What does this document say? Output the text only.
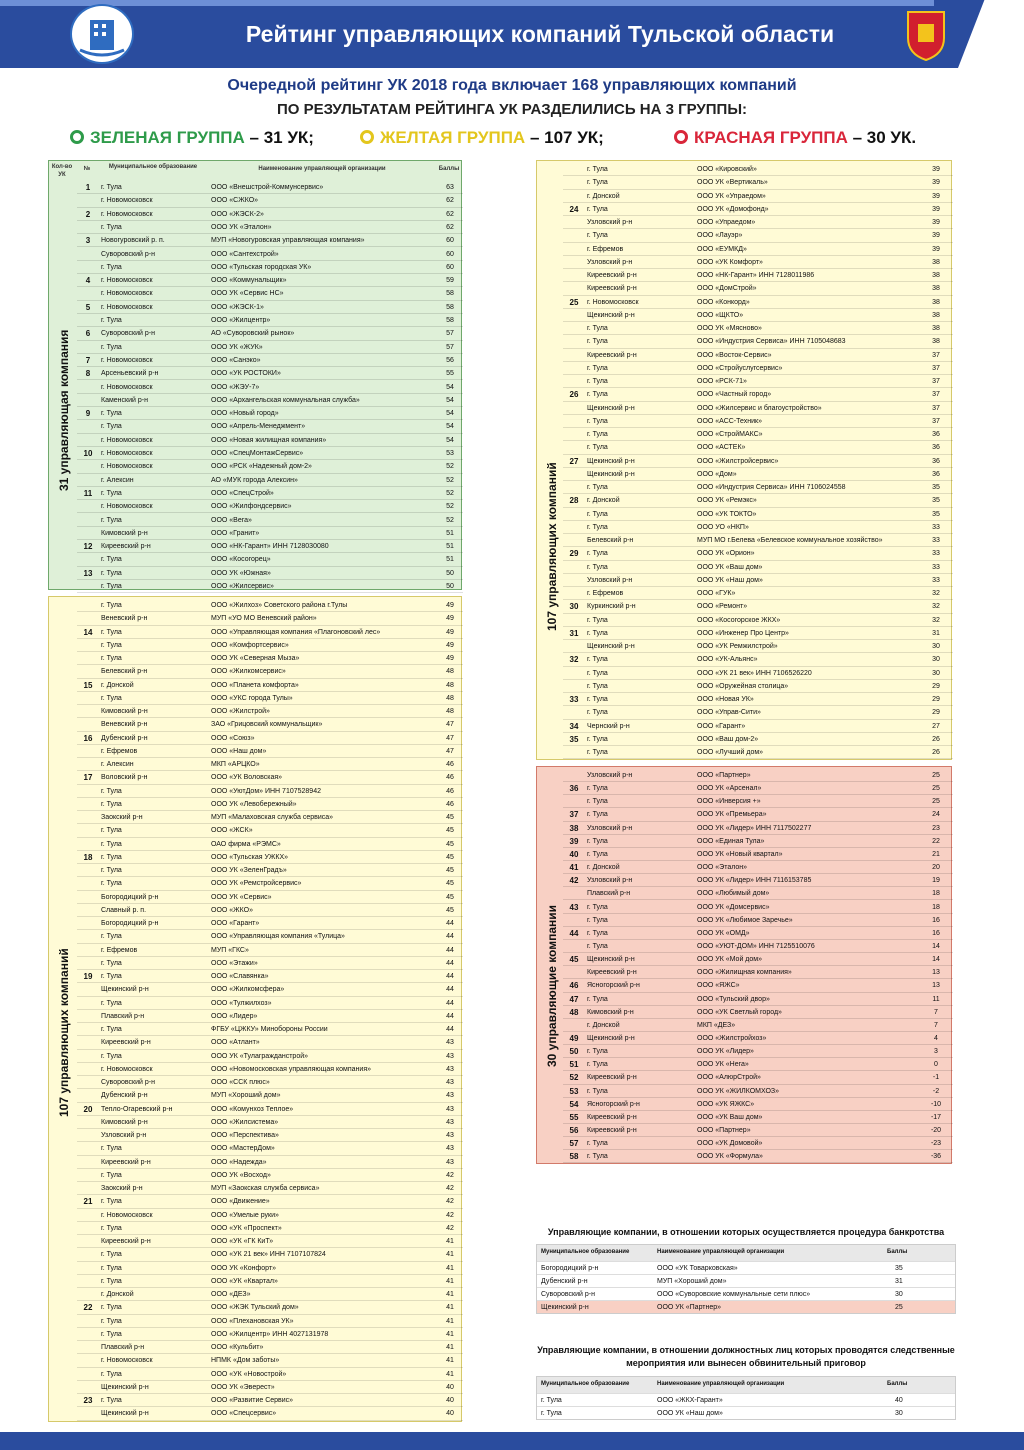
Рейтинг управляющих компаний Тульской области
Очередной рейтинг УК 2018 года включает 168 управляющих компаний
ПО РЕЗУЛЬТАТАМ РЕЙТИНГА УК РАЗДЕЛИЛИСЬ НА 3 ГРУППЫ:
ЗЕЛЕНАЯ ГРУППА – 31 УК;	ЖЕЛТАЯ ГРУППА – 107 УК;	КРАСНАЯ ГРУППА – 30 УК.
Кол-во УК
№	Муниципальное образование	Наименование управляющей организации	Баллы
31 управляющая компания
1	г. Тула	ООО «Внешстрой-Коммунсервис»	63
г. Новомосковск	ООО «СЖКО»	62
2	г. Новомосковск	ООО «ЖЭСК-2»	62
г. Тула	ООО УК «Эталон»	62
3	Новогуровский р. п.	МУП «Новогуровская управляющая компания»	60
Суворовский р-н	ООО «Сантехстрой»	60
г. Тула	ООО «Тульская городская УК»	60
4	г. Новомосковск	ООО «Коммунальщик»	59
г. Новомосковск	ООО УК «Сервис НС»	58
5	г. Новомосковск	ООО «ЖЭСК-1»	58
г. Тула	ООО «Жилцентр»	58
6	Суворовский р-н	АО «Суворовский рынок»	57
г. Тула	ООО УК «ЖУК»	57
7	г. Новомосковск	ООО «Санэко»	56
8	Арсеньевский р-н	ООО «УК РОСТОКИ»	55
г. Новомосковск	ООО «ЖЭУ-7»	54
Каменский р-н	ООО «Архангельская коммунальная служба»	54
9	г. Тула	ООО «Новый город»	54
г. Тула	ООО «Апрель-Менеджмент»	54
г. Новомосковск	ООО «Новая жилищная компания»	54
10	г. Новомосковск	ООО «СпецМонтажСервис»	53
г. Новомосковск	ООО «РСК «Надежный дом-2»	52
г. Алексин	АО «МУК города Алексин»	52
11	г. Тула	ООО «СпецСтрой»	52
г. Новомосковск	ООО «Жилфондсервис»	52
г. Тула	ООО «Вега»	52
Кимовский р-н	ООО «Гранит»	51
12	Киреевский р-н	ООО «НК-Гарант» ИНН 7128030080	51
г. Тула	ООО «Косогорец»	51
13	г. Тула	ООО УК «Южная»	50
г. Тула	ООО «Жилсервис»	50
107 управляющих компаний
г. Тула	ООО «Жилхоз» Советского района г.Тулы	49
Веневский р-н	МУП «УО МО Веневский район»	49
14	г. Тула	ООО «Управляющая компания «Плагоновский лес»	49
г. Тула	ООО «Комфортсервис»	49
г. Тула	ООО УК «Северная Мыза»	49
Белевский р-н	ООО «Жилкомсервис»	48
15	г. Донской	ООО «Планета комфорта»	48
г. Тула	ООО «УКС города Тулы»	48
Кимовский р-н	ООО «Жилстрой»	48
Веневский р-н	ЗАО «Грицовский коммунальщик»	47
16	Дубенский р-н	ООО «Союз»	47
г. Ефремов	ООО «Наш дом»	47
г. Алексин	МКП «АРЦКО»	46
17	Воловский р-н	ООО «УК Воловская»	46
г. Тула	ООО «УютДом» ИНН 7107528942	46
г. Тула	ООО УК «Левобережный»	46
Заокский р-н	МУП «Малаховская служба сервиса»	45
г. Тула	ООО «ЖСК»	45
г. Тула	ОАО фирма «РЭМС»	45
18	г. Тула	ООО «Тульская УЖКХ»	45
г. Тула	ООО УК «ЗеленГрадъ»	45
г. Тула	ООО УК «Ремстройсервис»	45
Богородицкий р-н	ООО УК «Сервис»	45
Славный р. п.	ООО «ЖКО»	45
Богородицкий р-н	ООО «Гарант»	44
г. Тула	ООО «Управляющая компания «Тулица»	44
г. Ефремов	МУП «ГКС»	44
г. Тула	ООО «Этажи»	44
19	г. Тула	ООО «Славянка»	44
Щекинский р-н	ООО «Жилкомсфера»	44
г. Тула	ООО «Тулжилхоз»	44
Плавский р-н	ООО «Лидер»	44
г. Тула	ФГБУ «ЦЖКУ» Минобороны России	44
Киреевский р-н	ООО «Атлант»	43
г. Тула	ООО УК «Тулагражданстрой»	43
г. Новомосковск	ООО «Новомосковская управляющая компания»	43
Суворовский р-н	ООО «ССК плюс»	43
Дубенский р-н	МУП «Хороший дом»	43
20	Тепло-Огаревский р-н	ООО «Комунхоз Теплое»	43
Кимовский р-н	ООО «Жилсистема»	43
Узловский р-н	ООО «Перспектива»	43
г. Тула	ООО «МастерДом»	43
Киреевский р-н	ООО «Надежда»	43
г. Тула	ООО УК «Восход»	42
Заокский р-н	МУП «Заокская служба сервиса»	42
21	г. Тула	ООО «Движение»	42
г. Новомосковск	ООО «Умелые руки»	42
г. Тула	ООО «УК «Проспект»	42
Киреевский р-н	ООО «УК «ГК КиТ»	41
г. Тула	ООО «УК 21 век» ИНН 7107107824	41
г. Тула	ООО УК «Конфорт»	41
г. Тула	ООО «УК «Квартал»	41
г. Донской	ООО «ДЕЗ»	41
22	г. Тула	ООО «ЖЭК Тульский дом»	41
г. Тула	ООО «Плехановская УК»	41
г. Тула	ООО «Жилцентр» ИНН 4027131978	41
Плавский р-н	ООО «Кульбит»	41
г. Новомосковск	НПМК «Дом заботы»	41
г. Тула	ООО «УК «Новострой»	41
Щекинский р-н	ООО УК «Эверест»	40
23	г. Тула	ООО «Развитие Сервис»	40
Щекинский р-н	ООО «Спецсервис»	40
107 управляющих компаний
г. Тула	ООО «Кировский»	39
г. Тула	ООО УК «Вертикаль»	39
г. Донской	ООО УК «Упраедом»	39
24	г. Тула	ООО УК «Домофонд»	39
Узловский р-н	ООО «Упраедом»	39
г. Тула	ООО «Лауэр»	39
г. Ефремов	ООО «ЕУМКД»	39
Узловский р-н	ООО «УК Комфорт»	38
Киреевский р-н	ООО «НК-Гарант» ИНН 7128011986	38
Киреевский р-н	ООО «ДомСтрой»	38
25	г. Новомосковск	ООО «Конкорд»	38
Щекинский р-н	ООО «ЩКТО»	38
г. Тула	ООО УК «Мясново»	38
г. Тула	ООО «Индустрия Сервиса» ИНН 7105048683	38
Киреевский р-н	ООО «Восток-Сервис»	37
г. Тула	ООО «Стройуслугсервис»	37
г. Тула	ООО «РСК-71»	37
26	г. Тула	ООО «Частный город»	37
Щекинский р-н	ООО «Жилсервис и благоустройство»	37
г. Тула	ООО «АСС-Техник»	37
г. Тула	ООО «СтройМАКС»	36
г. Тула	ООО «АСТЕК»	36
27	Щекинский р-н	ООО «Жилстройсервис»	36
Щекинский р-н	ООО «Дом»	36
г. Тула	ООО «Индустрия Сервиса» ИНН 7106024558	35
28	г. Донской	ООО УК «Ремэкс»	35
г. Тула	ООО «УК ТОКТО»	35
г. Тула	ООО УО «НКП»	33
Белевский р-н	МУП МО г.Белева «Белевское коммунальное хозяйство»	33
29	г. Тула	ООО УК «Орион»	33
г. Тула	ООО УК «Ваш дом»	33
Узловский р-н	ООО УК «Наш дом»	33
г. Ефремов	ООО «ГУК»	32
30	Куркинский р-н	ООО «Ремонт»	32
г. Тула	ООО «Косогорское ЖКХ»	32
31	г. Тула	ООО «Инженер Про Центр»	31
Щекинский р-н	ООО «УК Ремжилстрой»	30
32	г. Тула	ООО «УК-Альянс»	30
г. Тула	ООО «УК 21 век» ИНН 7106526220	30
г. Тула	ООО «Оружейная столица»	29
33	г. Тула	ООО «Новая УК»	29
г. Тула	ООО «Управ-Сити»	29
34	Чернский р-н	ООО «Гарант»	27
35	г. Тула	ООО «Ваш дом-2»	26
г. Тула	ООО «Лучший дом»	26
30 управляющие компании
Узловский р-н	ООО «Партнер»	25
36	г. Тула	ООО УК «Арсенал»	25
г. Тула	ООО «Инверсия +»	25
37	г. Тула	ООО УК «Премьера»	24
38	Узловский р-н	ООО УК «Лидер» ИНН 7117502277	23
39	г. Тула	ООО «Единая Тула»	22
40	г. Тула	ООО УК «Новый квартал»	21
41	г. Донской	ООО «Эталон»	20
42	Узловский р-н	ООО УК «Лидер» ИНН 7116153785	19
Плавский р-н	ООО «Любимый дом»	18
43	г. Тула	ООО УК «Домсервис»	18
г. Тула	ООО УК «Любимое Заречье»	16
44	г. Тула	ООО УК «ОМД»	16
г. Тула	ООО «УЮТ-ДОМ» ИНН 7125510076	14
45	Щекинский р-н	ООО УК «Мой дом»	14
Киреевский р-н	ООО «Жилищная компания»	13
46	Ясногорский р-н	ООО «ЯЖС»	13
47	г. Тула	ООО «Тульский двор»	11
48	Кимовский р-н	ООО «УК Светлый город»	7
г. Донской	МКП «ДЕЗ»	7
49	Щекинский р-н	ООО «Жилстройхоз»	4
50	г. Тула	ООО УК «Лидер»	3
51	г. Тула	ООО УК «Нега»	0
52	Киреевский р-н	ООО «АлюрСтрой»	-1
53	г. Тула	ООО УК «ЖИЛКОМХОЗ»	-2
54	Ясногорский р-н	ООО «УК ЯЖКС»	-10
55	Киреевский р-н	ООО «УК Ваш дом»	-17
56	Киреевский р-н	ООО «Партнер»	-20
57	г. Тула	ООО «УК Домовой»	-23
58	г. Тула	ООО УК «Формула»	-36
Управляющие компании, в отношении которых осуществляется процедура банкротства
Муниципальное образование	Наименование управляющей организации	Баллы
Богородицкий р-н	ООО «УК Товарковская»	35
Дубенский р-н	МУП «Хороший дом»	31
Суворовский р-н	ООО «Суворовские коммунальные сети плюс»	30
Щекинский р-н	ООО УК «Партнер»	25
Управляющие компании, в отношении должностных лиц которых проводятся следственные мероприятия или вынесен обвинительный приговор
Муниципальное образование	Наименование управляющей организации	Баллы
г. Тула	ООО «ЖКХ-Гарант»	40
г. Тула	ООО УК «Наш дом»	30
